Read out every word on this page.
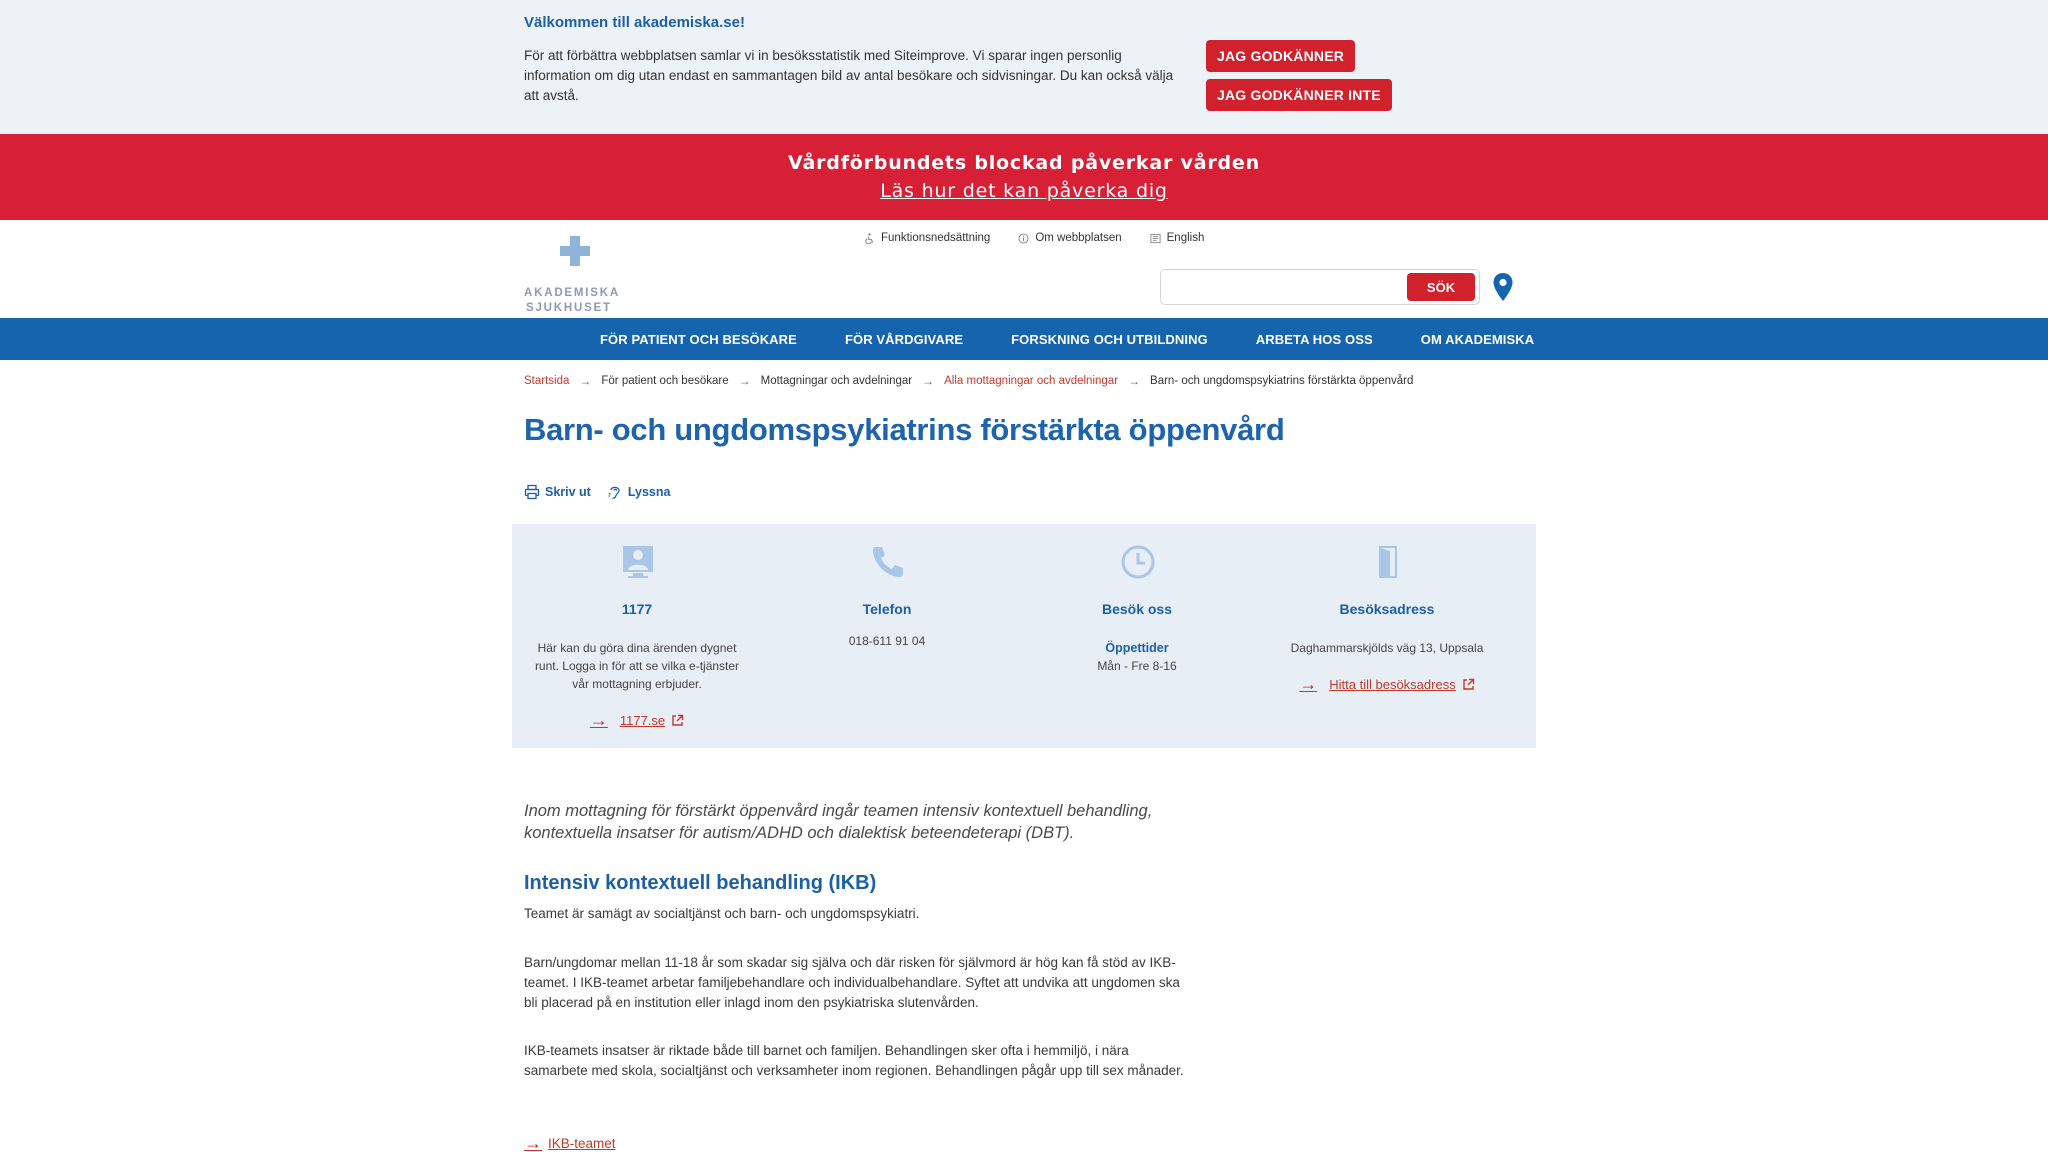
Välkommen till akademiska.se!
För att förbättra webbplatsen samlar vi in besöksstatistik med Siteimprove. Vi sparar ingen personlig information om dig utan endast en sammantagen bild av antal besökare och sidvisningar. Du kan också välja att avstå.
JAG GODKÄNNER
JAG GODKÄNNER INTE
Vårdförbundets blockad påverkar vården
Läs hur det kan påverka dig
AKADEMISKA
SJUKHUSET
Funktionsnedsättning	Om webbplatsen	English
SÖK
FÖR PATIENT OCH BESÖKARE	FÖR VÅRDGIVARE	FORSKNING OCH UTBILDNING	ARBETA HOS OSS	OM AKADEMISKA
Startsida → För patient och besökare → Mottagningar och avdelningar → Alla mottagningar och avdelningar → Barn- och ungdomspsykiatrins förstärkta öppenvård
Barn- och ungdomspsykiatrins förstärkta öppenvård
Skriv ut	Lyssna
1177
Här kan du göra dina ärenden dygnet runt. Logga in för att se vilka e-tjänster vår mottagning erbjuder.
→ 1177.se
Telefon
018-611 91 04
Besök oss
Öppettider
Mån - Fre 8-16
Besöksadress
Daghammarskjölds väg 13, Uppsala
→ Hitta till besöksadress

Inom mottagning för förstärkt öppenvård ingår teamen intensiv kontextuell behandling, kontextuella insatser för autism/ADHD och dialektisk beteendeterapi (DBT).

Intensiv kontextuell behandling (IKB)

Teamet är samägt av socialtjänst och barn- och ungdomspsykiatri.

Barn/ungdomar mellan 11-18 år som skadar sig själva och där risken för självmord är hög kan få stöd av IKB-teamet. I IKB-teamet arbetar familjebehandlare och individualbehandlare. Syftet att undvika att ungdomen ska bli placerad på en institution eller inlagd inom den psykiatriska slutenvården.

IKB-teamets insatser är riktade både till barnet och familjen. Behandlingen sker ofta i hemmiljö, i nära samarbete med skola, socialtjänst och verksamheter inom regionen. Behandlingen pågår upp till sex månader.

→ IKB-teamet
